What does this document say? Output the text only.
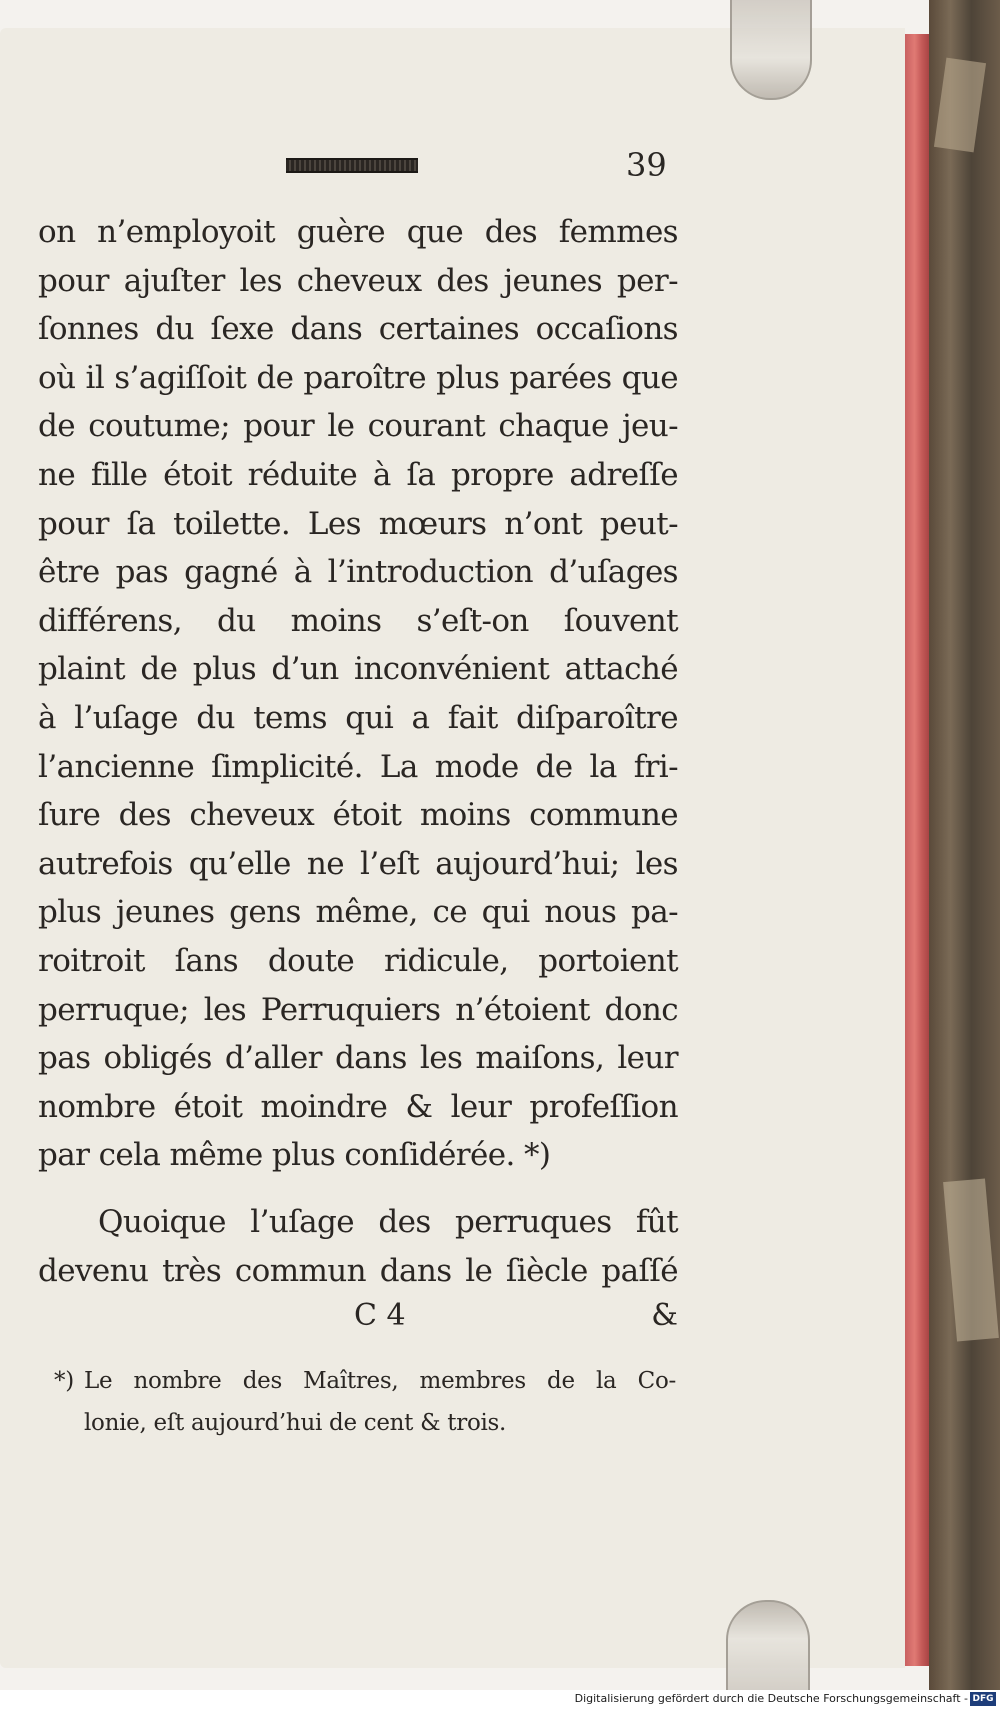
39
on n’employoit guère que des femmes
pour ajuſter les cheveux des jeunes per-
ſonnes du ſexe dans certaines occaſions
où il s’agiſſoit de paroître plus parées que
de coutume; pour le courant chaque jeu-
ne fille étoit réduite à ſa propre adreſſe
pour ſa toilette. Les mœurs n’ont peut-
être pas gagné à l’introduction d’uſages
différens, du moins s’eſt-on ſouvent
plaint de plus d’un inconvénient attaché
à l’uſage du tems qui a fait diſparoître
l’ancienne ſimplicité. La mode de la fri-
ſure des cheveux étoit moins commune
autrefois qu’elle ne l’eſt aujourd’hui; les
plus jeunes gens même, ce qui nous pa-
roitroit ſans doute ridicule, portoient
perruque; les Perruquiers n’étoient donc
pas obligés d’aller dans les maiſons, leur
nombre étoit moindre & leur profeſſion
par cela même plus conſidérée. *)
Quoique l’uſage des perruques fût
devenu très commun dans le ſiècle paſſé
C 4	&
*) Le nombre des Maîtres, membres de la Co-
lonie, eſt aujourd’hui de cent & trois.
Digitalisierung gefördert durch die Deutsche Forschungsgemeinschaft - DFG
